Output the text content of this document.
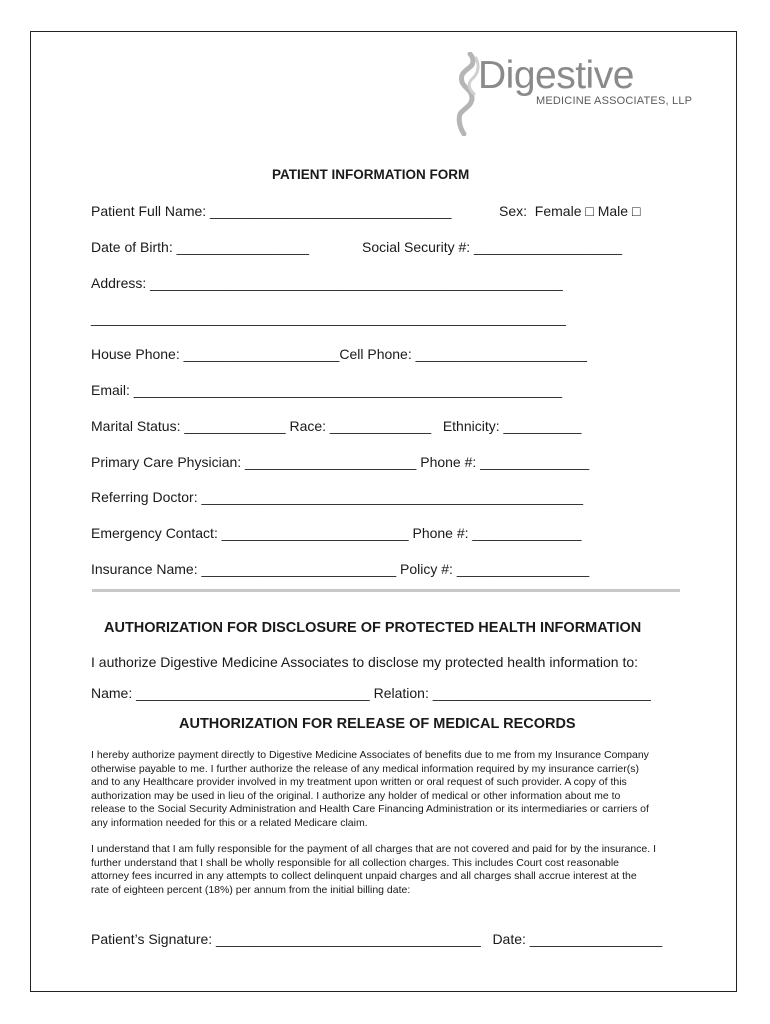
Digestive
MEDICINE ASSOCIATES, LLP
PATIENT INFORMATION FORM
Patient Full Name: _______________________________	Sex:  Female □ Male □
Date of Birth: _________________	Social Security #: ___________________
Address: _____________________________________________________
_____________________________________________________________
House Phone: ____________________Cell Phone: ______________________
Email: _______________________________________________________
Marital Status: _____________ Race: _____________   Ethnicity: __________
Primary Care Physician: ______________________ Phone #: ______________
Referring Doctor: _________________________________________________
Emergency Contact: ________________________ Phone #: ______________
Insurance Name: _________________________ Policy #: _________________
AUTHORIZATION FOR DISCLOSURE OF PROTECTED HEALTH INFORMATION
I authorize Digestive Medicine Associates to disclose my protected health information to:
Name: ______________________________ Relation: ____________________________
AUTHORIZATION FOR RELEASE OF MEDICAL RECORDS
I hereby authorize payment directly to Digestive Medicine Associates of benefits due to me from my Insurance Company otherwise payable to me. I further authorize the release of any medical information required by my insurance carrier(s) and to any Healthcare provider involved in my treatment upon written or oral request of such provider. A copy of this authorization may be used in lieu of the original. I authorize any holder of medical or other information about me to release to the Social Security Administration and Health Care Financing Administration or its intermediaries or carriers of any information needed for this or a related Medicare claim.
I understand that I am fully responsible for the payment of all charges that are not covered and paid for by the insurance. I further understand that I shall be wholly responsible for all collection charges. This includes Court cost reasonable attorney fees incurred in any attempts to collect delinquent unpaid charges and all charges shall accrue interest at the rate of eighteen percent (18%) per annum from the initial billing date:
Patient’s Signature: __________________________________   Date: _________________
